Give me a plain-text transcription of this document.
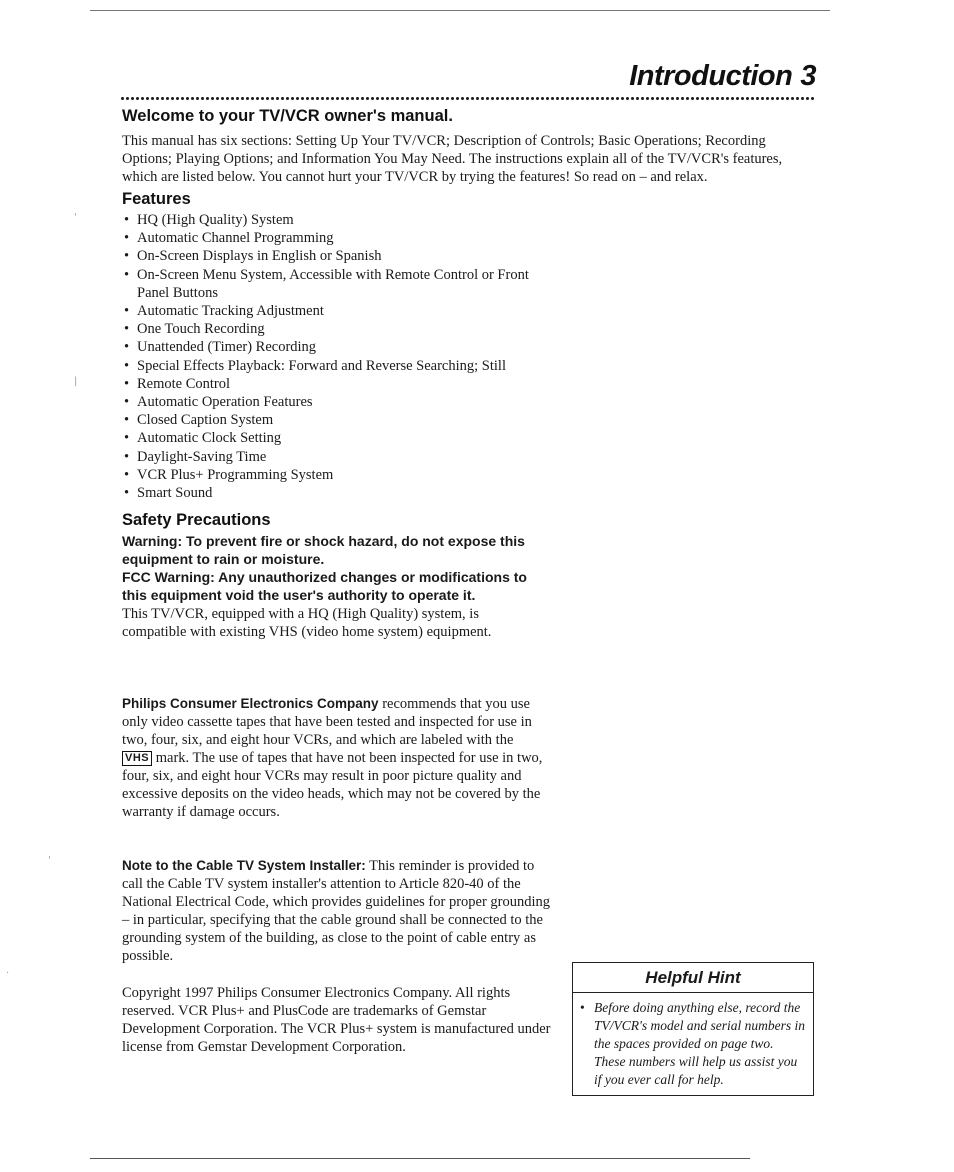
Introduction 3
Welcome to your TV/VCR owner's manual.
This manual has six sections: Setting Up Your TV/VCR; Description of Controls; Basic Operations; Recording Options; Playing Options; and Information You May Need. The instructions explain all of the TV/VCR's features, which are listed below. You cannot hurt your TV/VCR by trying the features! So read on – and relax.
Features
• HQ (High Quality) System
• Automatic Channel Programming
• On-Screen Displays in English or Spanish
• On-Screen Menu System, Accessible with Remote Control or Front Panel Buttons
• Automatic Tracking Adjustment
• One Touch Recording
• Unattended (Timer) Recording
• Special Effects Playback: Forward and Reverse Searching; Still
• Remote Control
• Automatic Operation Features
• Closed Caption System
• Automatic Clock Setting
• Daylight-Saving Time
• VCR Plus+ Programming System
• Smart Sound
Safety Precautions
Warning: To prevent fire or shock hazard, do not expose this equipment to rain or moisture.
FCC Warning: Any unauthorized changes or modifications to this equipment void the user's authority to operate it.
This TV/VCR, equipped with a HQ (High Quality) system, is compatible with existing VHS (video home system) equipment.
Philips Consumer Electronics Company recommends that you use only video cassette tapes that have been tested and inspected for use in two, four, six, and eight hour VCRs, and which are labeled with the VHS mark. The use of tapes that have not been inspected for use in two, four, six, and eight hour VCRs may result in poor picture quality and excessive deposits on the video heads, which may not be covered by the warranty if damage occurs.
Note to the Cable TV System Installer: This reminder is provided to call the Cable TV system installer's attention to Article 820-40 of the National Electrical Code, which provides guidelines for proper grounding – in particular, specifying that the cable ground shall be connected to the grounding system of the building, as close to the point of cable entry as possible.
Copyright 1997 Philips Consumer Electronics Company. All rights reserved. VCR Plus+ and PlusCode are trademarks of Gemstar Development Corporation. The VCR Plus+ system is manufactured under license from Gemstar Development Corporation.
Helpful Hint
• Before doing anything else, record the TV/VCR's model and serial numbers in the spaces provided on page two. These numbers will help us assist you if you ever call for help.
'
|
'
·
